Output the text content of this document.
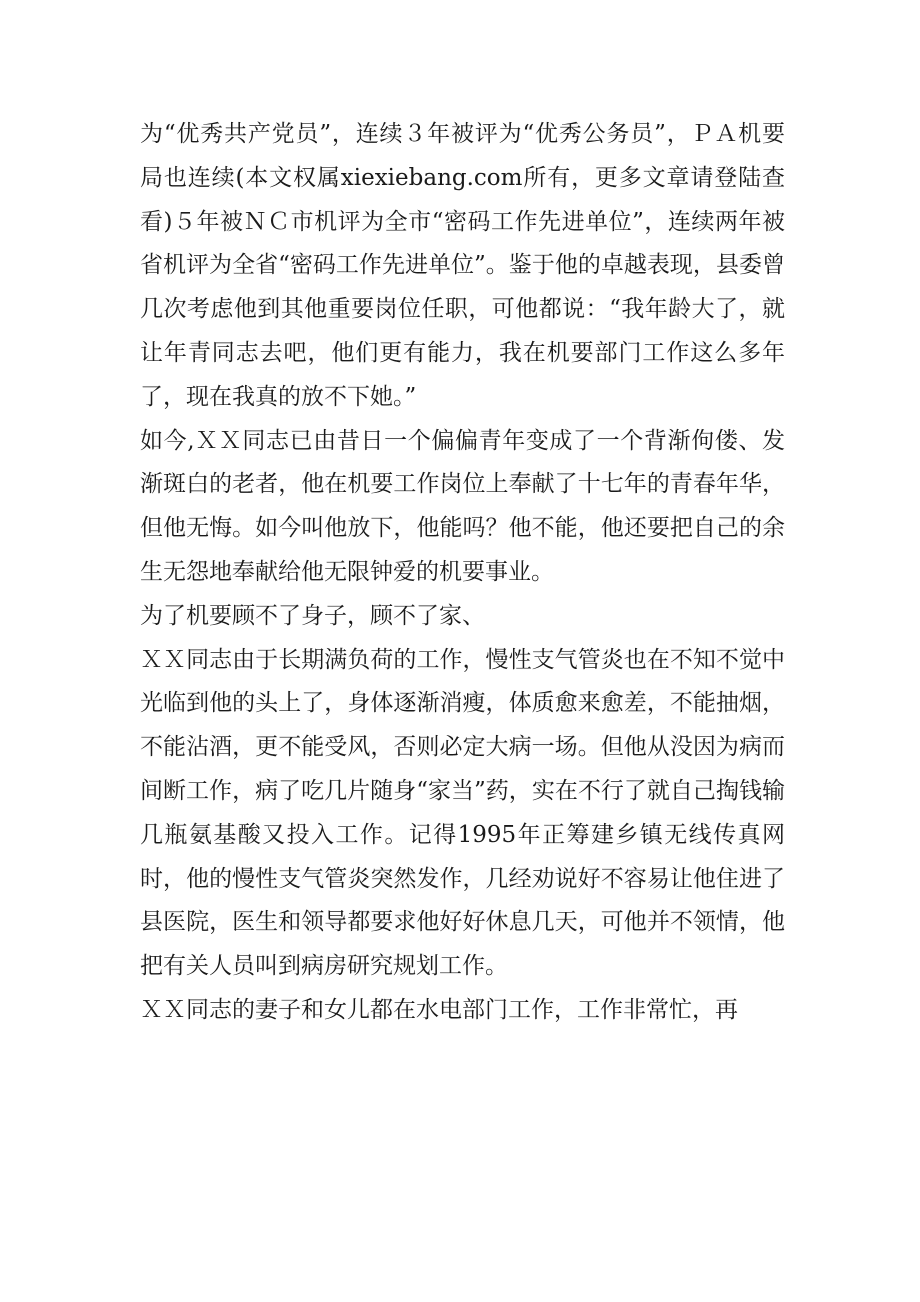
为“优秀共产党员”，连续３年被评为“优秀公务员”，ＰＡ机要局也连续(本文权属xiexiebang.com所有，更多文章请登陆查看)５年被ＮＣ市机评为全市“密码工作先进单位”，连续两年被省机评为全省“密码工作先进单位”。鉴于他的卓越表现，县委曾几次考虑他到其他重要岗位任职，可他都说：“我年龄大了，就让年青同志去吧，他们更有能力，我在机要部门工作这么多年了，现在我真的放不下她。”

如今,ＸＸ同志已由昔日一个偏偏青年变成了一个背渐佝偻、发渐斑白的老者，他在机要工作岗位上奉献了十七年的青春年华，但他无悔。如今叫他放下，他能吗？他不能，他还要把自己的余生无怨地奉献给他无限钟爱的机要事业。

为了机要顾不了身子，顾不了家、

ＸＸ同志由于长期满负荷的工作，慢性支气管炎也在不知不觉中光临到他的头上了，身体逐渐消瘦，体质愈来愈差，不能抽烟，不能沾酒，更不能受风，否则必定大病一场。但他从没因为病而间断工作，病了吃几片随身“家当”药，实在不行了就自己掏钱输几瓶氨基酸又投入工作。记得1995年正筹建乡镇无线传真网时，他的慢性支气管炎突然发作，几经劝说好不容易让他住进了县医院，医生和领导都要求他好好休息几天，可他并不领情，他把有关人员叫到病房研究规划工作。

ＸＸ同志的妻子和女儿都在水电部门工作，工作非常忙，再
